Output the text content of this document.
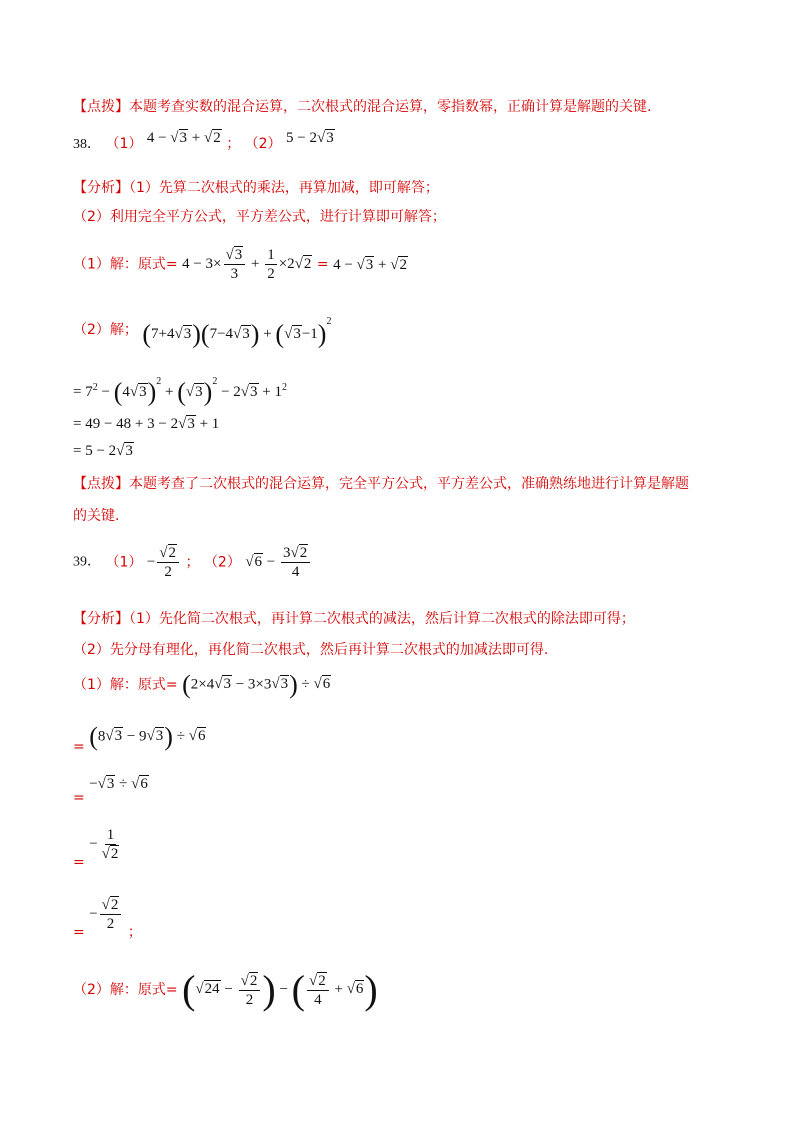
【点拨】本题考查实数的混合运算，二次根式的混合运算，零指数幂，正确计算是解题的关键.
38． （1） 4 − √3 + √2 ； （2） 5 − 2√3
【分析】（1）先算二次根式的乘法，再算加减，即可解答；
（2）利用完全平方公式，平方差公式，进行计算即可解答；
（1）解：原式= $4 - 3\times \frac{√3}{3} + \frac{1}{2} \times 2√2 = 4 - √3 + √2$
（2）解； $(7+4√3)(7-4√3) + (√3-1)^2$
= $7^2 - (4√3)^2 + (√3)^2 - 2√3 + 1^2$
= 49 − 48 + 3 − 2√3 + 1
= 5 − 2√3
【点拨】本题考查了二次根式的混合运算，完全平方公式，平方差公式，准确熟练地进行计算是解题
的关键.
39． $(1) - \frac{√2}{2}$ ； （2） $√6 - \frac{3√2}{4}$
【分析】（1）先化简二次根式，再计算二次根式的减法，然后计算二次根式的除法即可得；
（2）先分母有理化，再化简二次根式，然后再计算二次根式的加减法即可得.
（1）解：原式= (2×4√3 − 3×3√3) ÷ √6
= (8√3 − 9√3) ÷ √6
= −√3 ÷ √6
= − $\frac{1}{√2}$
= − $\frac{√2}{2}$ ；
（2）解：原式= ($√24 - \frac{√2}{2}$ ) − ( $\frac{√2}{4} + √6$)
